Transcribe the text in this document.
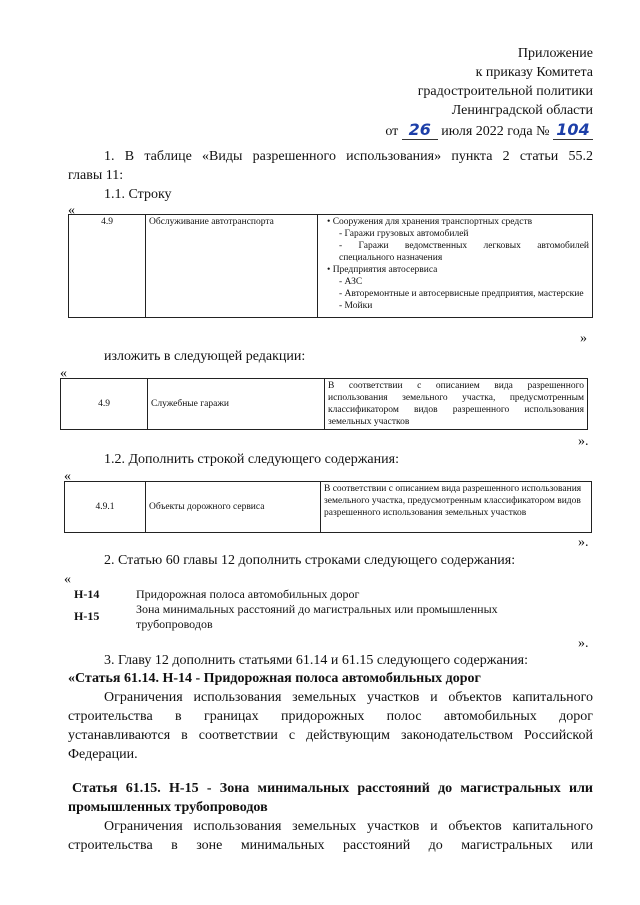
Приложение
к приказу Комитета
градостроительной политики
Ленинградской области
от 26 июля 2022 года № 104
1. В таблице «Виды разрешенного использования» пункта 2 статьи 55.2
главы 11:
1.1. Строку
«
4.9	Обслуживание автотранспорта	• Сооружения для хранения транспортных средств
- Гаражи грузовых автомобилей
- Гаражи ведомственных легковых автомобилей специального назначения
• Предприятия автосервиса
- АЗС
- Авторемонтные и автосервисные предприятия, мастерские
- Мойки
»
изложить в следующей редакции:
«
4.9	Служебные гаражи	В соответствии с описанием вида разрешенного использования земельного участка, предусмотренным классификатором видов разрешенного использования земельных участков
».
1.2. Дополнить строкой следующего содержания:
«
4.9.1	Объекты дорожного сервиса	В соответствии с описанием вида разрешенного использования земельного участка, предусмотренным классификатором видов разрешенного использования земельных участков
».
2. Статью 60 главы 12 дополнить строками следующего содержания:
«
Н-14	Придорожная полоса автомобильных дорог
Н-15	Зона минимальных расстояний до магистральных или промышленных трубопроводов
».
3. Главу 12 дополнить статьями 61.14 и 61.15 следующего содержания:
«Статья 61.14. Н-14 - Придорожная полоса автомобильных дорог
Ограничения использования земельных участков и объектов капитального
строительства в границах придорожных полос автомобильных дорог
устанавливаются в соответствии с действующим законодательством Российской
Федерации.
Статья 61.15. Н-15 - Зона минимальных расстояний до магистральных или
промышленных трубопроводов
Ограничения использования земельных участков и объектов капитального
строительства в зоне минимальных расстояний до магистральных или
